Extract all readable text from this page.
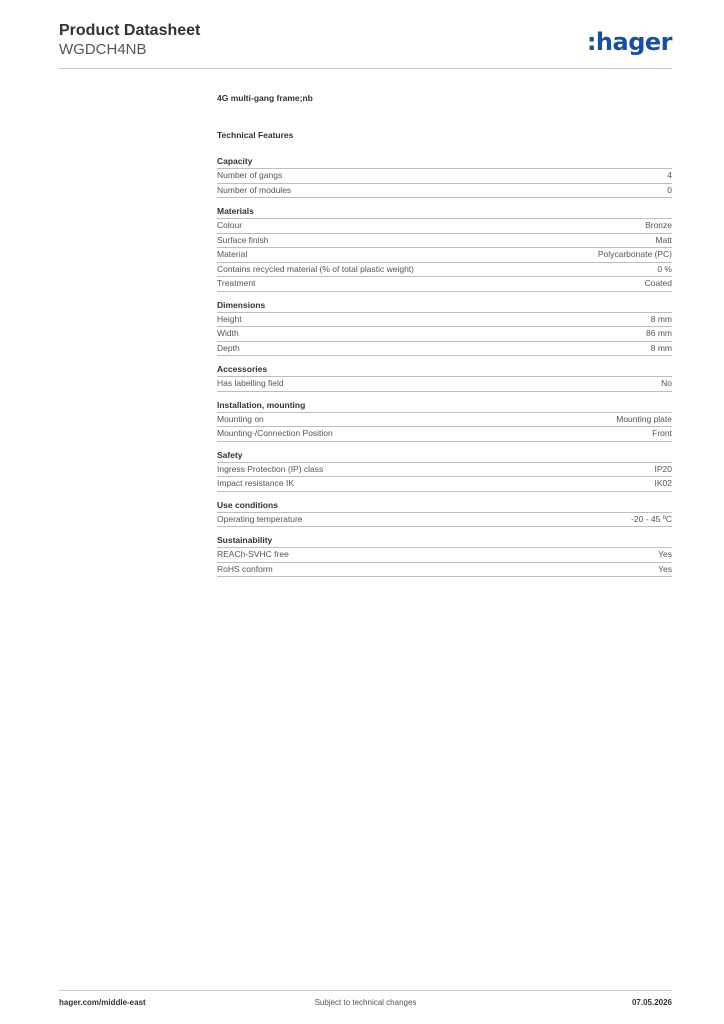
Product Datasheet
WGDCH4NB	:hager
4G multi-gang frame;nb
Technical Features
Capacity
Number of gangs	4
Number of modules	0
Materials
Colour	Bronze
Surface finish	Matt
Material	Polycarbonate (PC)
Contains recycled material (% of total plastic weight)	0 %
Treatment	Coated
Dimensions
Height	8 mm
Width	86 mm
Depth	8 mm
Accessories
Has labelling field	No
Installation, mounting
Mounting on	Mounting plate
Mounting-/Connection Position	Front
Safety
Ingress Protection (IP) class	IP20
Impact resistance IK	IK02
Use conditions
Operating temperature	-20 - 45 ºC
Sustainability
REACh-SVHC free	Yes
RoHS conform	Yes
hager.com/middle-east	Subject to technical changes	07.05.2026
